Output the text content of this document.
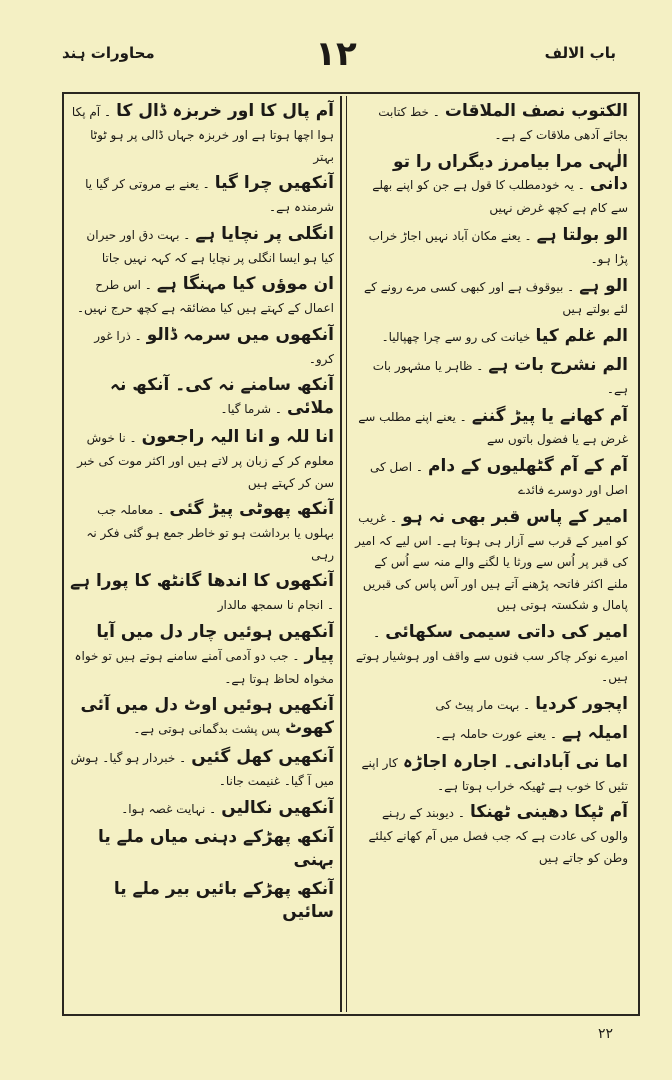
محاورات ہند	۱۲	باب الالف
الکتوب نصف الملاقات ۔ خط کتابت بجائے آدھی ملاقات کے ہے۔
الٰہی مرا بیامرز دیگراں را تو دانی ۔ یہ خودمطلب کا قول ہے جن کو اپنے بھلے سے کام ہے کچھ غرض نہیں
الو بولتا ہے ۔ یعنے مکان آباد نہیں اجاڑ خراب پڑا ہو۔
الو ہے ۔ بیوقوف ہے اور کبھی کسی مرے رونے کے لئے بولتے ہیں
الم غلم کیا خیانت کی رو سے چرا چھپالیا۔
الم نشرح بات ہے ۔ ظاہر یا مشہور بات ہے۔
آم کھانے یا پیڑ گننے ۔ یعنے اپنے مطلب سے غرض ہے یا فضول باتوں سے
آم کے آم گٹھلیوں کے دام ۔ اصل کی اصل اور دوسرے فائدے
امیر کے پاس قبر بھی نہ ہو ۔ غریب کو امیر کے قرب سے آزار ہی ہوتا ہے۔ اس لیے کہ امیر کی قبر پر اُس سے ورثا یا لگنے والے منہ سے اُس کے ملنے اکثر فاتحہ پڑھنے آتے ہیں اور آس پاس کی قبریں پامال و شکستہ ہوتی ہیں
امیر کی داتی سیمی سکھائی ۔ امیرے نوکر چاکر سب فنوں سے واقف اور ہوشیار ہوتے ہیں۔
اپجور کردیا ۔ بہت مار پیٹ کی
امیلہ ہے ۔ یعنے عورت حاملہ ہے۔
اما نی آبادانی۔ اجارہ اجاڑہ کار اپنے تئیں کا خوب ہے ٹھیکہ خراب ہوتا ہے۔
آم ٹپکا دھینی ٹھنکا ۔ دیوبند کے رہنے والوں کی عادت ہے کہ جب فصل میں آم کھانے کیلئے وطن کو جاتے ہیں
آم پال کا اور خربزہ ڈال کا ۔ آم پکا ہوا اچھا ہوتا ہے اور خربزہ جہاں ڈالی پر ہو ٹوٹا بہتر
آنکھیں چرا گیا ۔ یعنے بے مروتی کر گیا یا شرمندہ ہے۔
انگلی پر نچایا ہے ۔ بہت دق اور حیران کیا ہو ایسا انگلی پر نچایا ہے کہ کہہ نہیں جاتا
ان موؤں کیا مہنگا ہے ۔ اس طرح اعمال کے کہتے ہیں کیا مضائقہ ہے کچھ حرج نہیں۔
آنکھوں میں سرمہ ڈالو ۔ ذرا غور کرو۔
آنکھ سامنے نہ کی۔ آنکھ نہ ملائی ۔ شرما گیا۔
انا للہ و انا الیہ راجعون ۔ نا خوش معلوم کر کے زبان پر لاتے ہیں اور اکثر موت کی خبر سن کر کہتے ہیں
آنکھ پھوٹی پیڑ گئی ۔ معاملہ جب بہلوں یا برداشت ہو تو خاطر جمع ہو گئی فکر نہ رہی
آنکھوں کا اندھا گانٹھ کا پورا ہے ۔ انجام نا سمجھ مالدار
آنکھیں ہوئیں چار دل میں آیا پیار ۔ جب دو آدمی آمنے سامنے ہوتے ہیں تو خواہ مخواہ لحاظ ہوتا ہے۔
آنکھیں ہوئیں اوٹ دل میں آئی کھوٹ پس پشت بدگمانی ہوتی ہے۔
آنکھیں کھل گئیں ۔ خبردار ہو گیا۔ ہوش میں آ گیا۔ غنیمت جانا۔
آنکھیں نکالیں ۔ نہایت غصہ ہوا۔
آنکھ پھڑکے دہنی میاں ملے یا بہنی
آنکھ پھڑکے بائیں بیر ملے یا سائیں
۲۲
